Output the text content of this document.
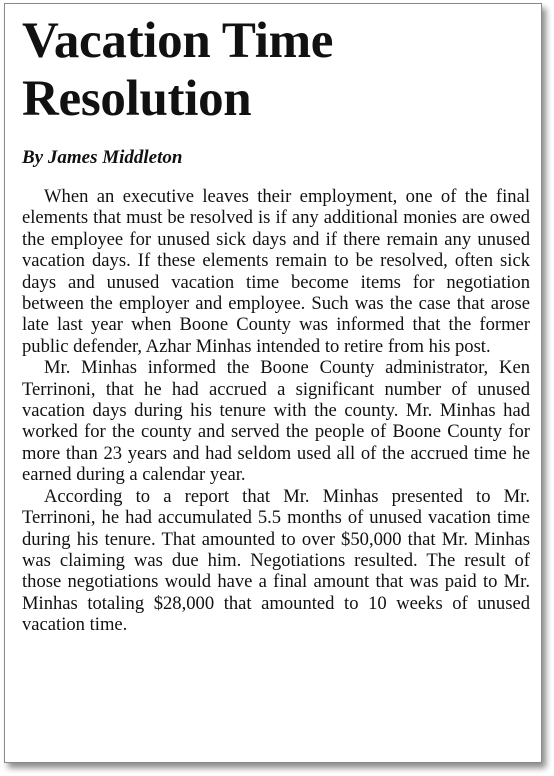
Vacation Time
Resolution
By James Middleton

When an executive leaves their employment, one of the final elements that must be resolved is if any additional monies are owed the employee for unused sick days and if there remain any unused vacation days. If these elements remain to be resolved, often sick days and unused vacation time become items for negotiation between the employer and employee. Such was the case that arose late last year when Boone County was informed that the former public defender, Azhar Minhas intended to retire from his post.

Mr. Minhas informed the Boone County administrator, Ken Terrinoni, that he had accrued a significant number of unused vacation days during his tenure with the county. Mr. Minhas had worked for the county and served the people of Boone County for more than 23 years and had seldom used all of the accrued time he earned during a calendar year.

According to a report that Mr. Minhas presented to Mr. Terrinoni, he had accumulated 5.5 months of unused vacation time during his tenure. That amounted to over $50,000 that Mr. Minhas was claiming was due him. Negotiations resulted. The result of those negotiations would have a final amount that was paid to Mr. Minhas totaling $28,000 that amounted to 10 weeks of unused vacation time.
